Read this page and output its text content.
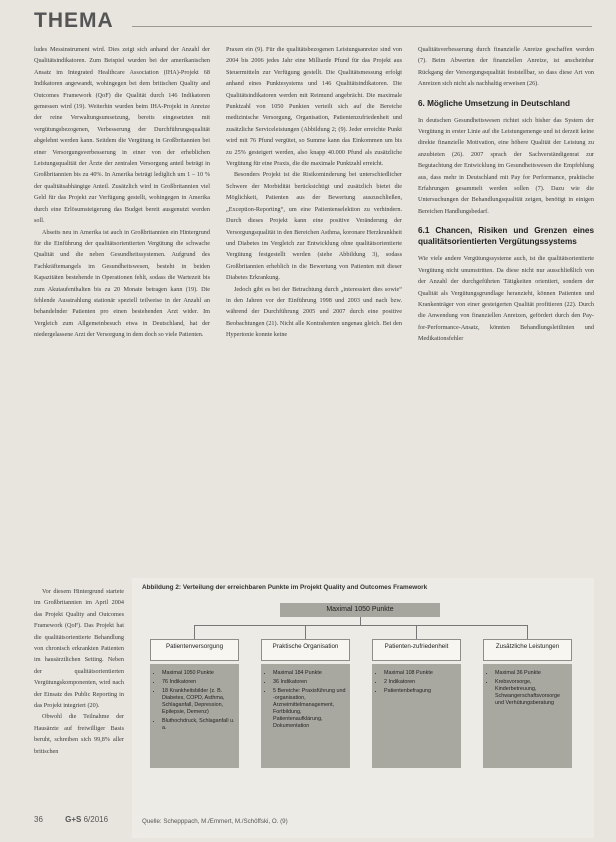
THEMA

ludes Messinstrument wird. Dies zeigt sich anhand der Anzahl der Qualitätsindikatoren. Zum Beispiel wurden bei der amerikanischen Ansatz im Integrated Healthcare Association (IHA)-Projekt 68 Indikatoren angewandt, wohingegen bei dem britischen Quality and Outcomes Framework (QoF) die Qualität durch 146 Indikatoren gemessen wird (19). Weiterhin wurden beim IHA-Projekt in Anreize der reine Verwaltungsumsetzung, bereits eingesetzten mit vergütungsbezogenen, Verbesserung der Durchführungsqualität abgelehnt werden kann. Seitdem die Vergütung in Großbritannien bei einer Versorgungsverbesserung in einer von der erheblichen Leistungsqualität der Ärzte der zentralen Versorgung anteil beträgt in Großbritannien bis zu 40%. In Amerika beträgt lediglich um 1 – 10 % der qualitätsabhängige Anteil. Zusätzlich wird in Großbritannien viel Geld für das Projekt zur Verfügung gestellt, wohingegen in Amerika durch eine Erlösumsteigerung das Budget bereit ausgenutzt werden soll.

Abseits neu in Amerika ist auch in Großbritannien ein Hintergrund für die Einführung der qualitätsorientierten Vergütung die schwache Qualität und die neben Gesundheitssystemen. Aufgrund des Fachkräftemangels im Gesundheitswesen, besteht in beiden Kapazitäten bestehende in Operationen fehlt, sodass die Wartezeit bis zum Akutaufenthalten bis zu 20 Monate betragen kann (19). Die fehlende Ausstrahlung stationär speziell teilweise in der Anzahl an behandelnder Patienten pro einen bestehenden Arzt wider. Im Vergleich zum Allgemeinbesuch etwa in Deutschland, hat der niedergelassene Arzt der Versorgung in dem doch so viele Patienten.

Vor diesem Hintergrund startete im Großbritannien im April 2004 das Projekt Quality and Outcomes Framework (QoF). Das Projekt hat die qualitätsorientierte Behandlung von chronisch erkrankten Patienten im hausärztlichen Setting. Neben der qualitätsorientierten Vergütungskomponenten, wird nach der Einsatz des Public Reporting in das Projekt integriert (20).

Obwohl die Teilnahme der Hausärzte auf freiwilliger Basis beruht, schreiben sich 99,8% aller britischen

Praxen ein (9). Für die qualitätsbezogenen Leistungsanreize sind von 2004 bis 2006 jedes Jahr eine Milliarde Pfund für das Projekt aus Steuermitteln zur Verfügung gestellt. Die Qualitätsmessung erfolgt anhand eines Punktesystems und 146 Qualitätsindikatoren. Die Qualitätsindikatoren werden mit Reimund angebrächt. Die maximale Punktzahl von 1050 Punkten verteilt sich auf die Bereiche medizinische Versorgung, Organisation, Patientenzufriedenheit und zusätzliche Serviceleistungen (Abbildung 2; (9). Jeder erreichte Punkt wird mit 76 Pfund vergütet, so Summe kann das Einkommen um bis zu 25% gesteigert werden, also knapp 40.000 Pfund als zusätzliche Vergütung für eine Praxis, die die maximale Punktzahl erreicht.

Besonders Projekt ist die Risikominderung bei unterschiedlicher Schwere der Morbidität berücksichtigt und zusätzlich bietet die Möglichkeit, Patienten aus der Bewertung auszuschließen, „Exception-Reporting“, um eine Patientenselektion zu verhindern. Durch dieses Projekt kann eine positive Veränderung der Versorgungsqualität in den Bereichen Asthma, koronare Herzkrankheit und Diabetes im Vergleich zur Entwicklung ohne qualitätsorientierte Vergütung festgestellt werden (siehe Abbildung 3), sodass Großbritannien erheblich in die Bewertung von Patienten mit dieser Diabetes Erkrankung.

Jedoch gibt es bei der Betrachtung durch „interessiert dies sowie“ in den Jahren vor der Einführung 1998 und 2003 und nach bzw. während der Durchführung 2005 und 2007 durch eine positive Beobachtungen (21). Nicht alle Kontrahenten ungenau gleich. Bei den Hypertonie konnte keine

Qualitätsverbesserung durch finanzielle Anreize geschaffen werden (7). Beim Abwerten der finanziellen Anreize, ist anscheinbar Rückgang der Versorgungsqualität feststellbar, so dass diese Art von Anreizen sich nicht als nachhaltig erweisen (26).

6. Mögliche Umsetzung in Deutschland

In deutschen Gesundheitswesen richtet sich bisher das System der Vergütung in erster Linie auf die Leistungsmenge und ist derzeit keine direkte finanzielle Motivation, eine höhere Qualität der Leistung zu anzubieten (26). 2007 sprach der Sachverständigenrat zur Begutachtung der Entwicklung im Gesundheitswesen die Empfehlung aus, dass mehr in Deutschland mit Pay for Performance, praktische Erfahrungen gesammelt werden sollen (7). Dazu wie die Untersuchungen der Behandlungsqualität zeigen, benötigt in einigen Bereichen Handlungsbedarf.

6.1 Chancen, Risiken und Grenzen eines qualitätsorientierten Vergütungssystems

Wie viele andere Vergütungssysteme auch, ist die qualitätsorientierte Vergütung nicht unumstritten. Da diese nicht nur ausschließlich von der Anzahl der durchgeführten Tätigkeiten orientiert, sondern der Qualität als Vergütungsgrundlage heranzieht, können Patienten und Krankenträger von einer gesteigerten Qualität profitieren (22). Durch die Anwendung von finanziellen Anreizen, gefördert durch den Pay-for-Performance-Ansatz, könnten Behandlungsleitlinien und Medikationsfehler

Abbildung 2: Verteilung der erreichbaren Punkte im Projekt Quality and Outcomes Framework
Maximal 1050 Punkte
Patientenversorgung	Praktische Organisation	Patienten-zufriedenheit	Zusätzliche Leistungen
• Maximal 1050 Punkte
• 76 Indikatoren
• 18 Krankheitsbilder (z. B. Diabetes, COPD, Asthma, Schlaganfall, Depression, Epilepsie, Demenz)
• Bluthochdruck, Schlaganfall u. a.
• Maximal 184 Punkte
• 36 Indikatoren
• 5 Bereiche: Praxisführung und -organisation, Arzneimittelmanagement, Fortbildung, Patientenaufklärung, Dokumentation
• Maximal 108 Punkte
• 2 Indikatoren
• Patientenbefragung
• Maximal 36 Punkte
• Krebsvorsorge, Kinderbetreuung, Schwangerschaftsvorsorge und Verhütungsberatung
Quelle: Schepppach, M./Emmert, M./Schöffski, O. (9)
36	G+S 6/2016
